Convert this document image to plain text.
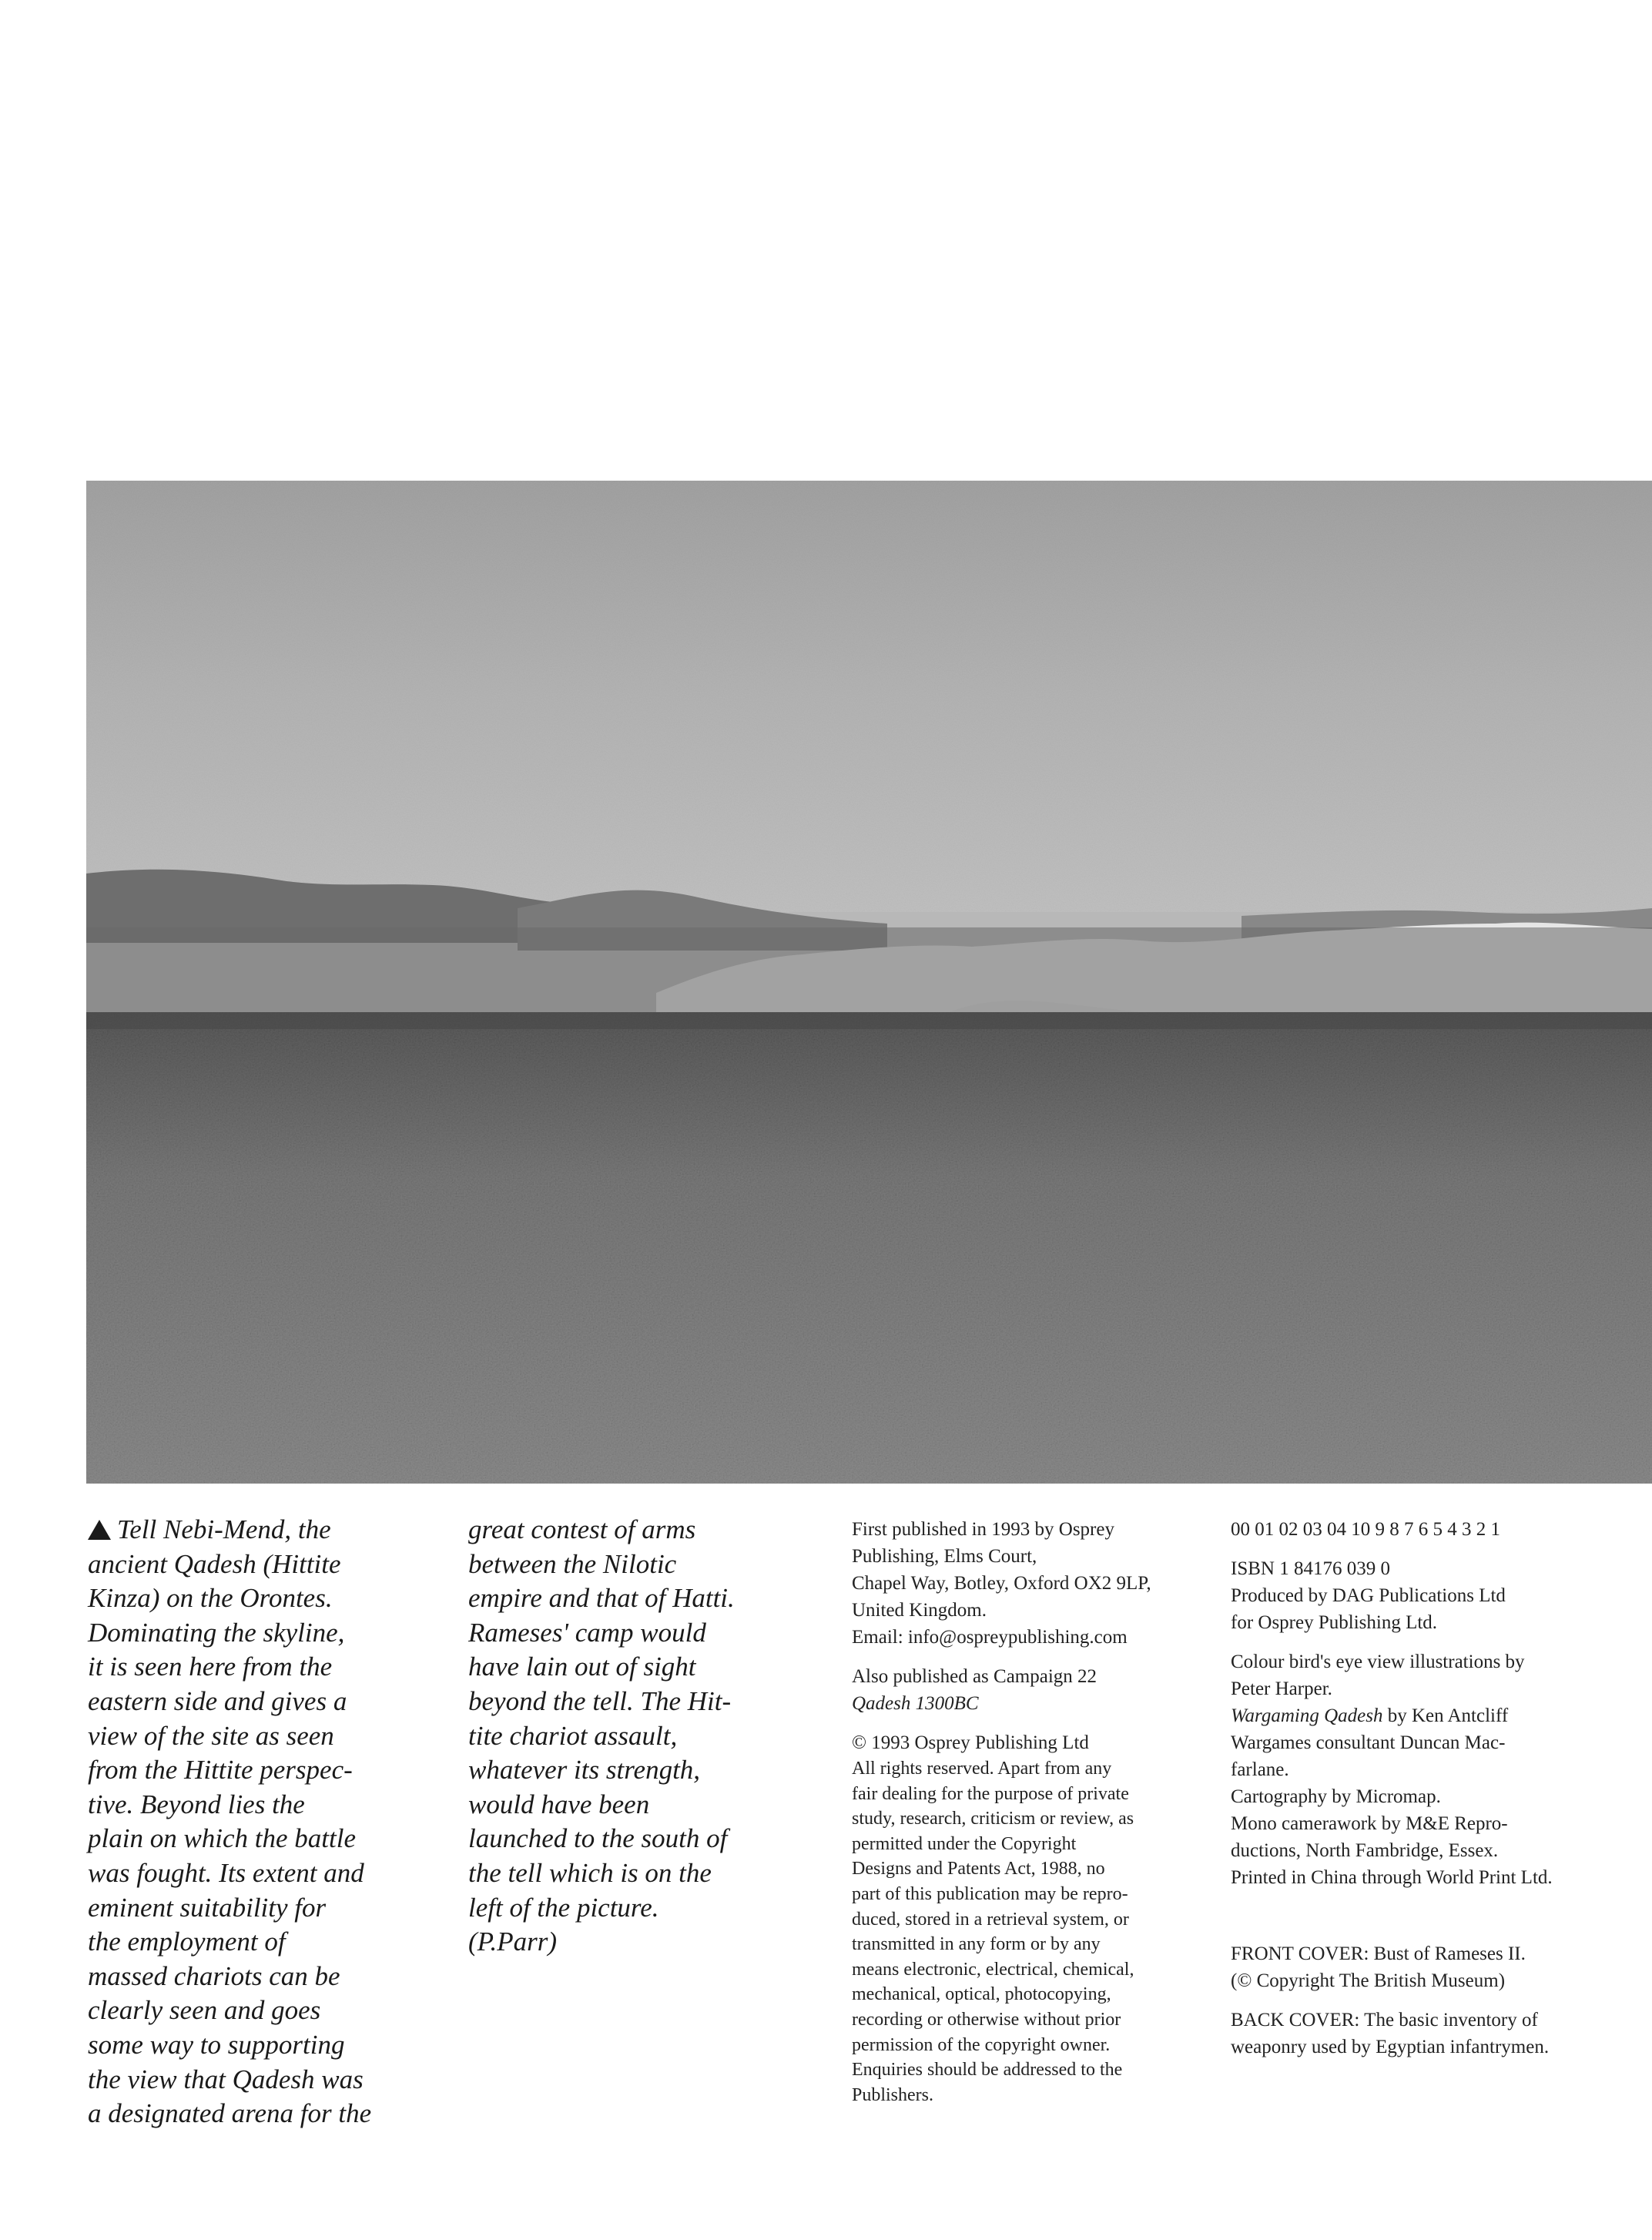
Tell Nebi-Mend, the
ancient Qadesh (Hittite
Kinza) on the Orontes.
Dominating the skyline,
it is seen here from the
eastern side and gives a
view of the site as seen
from the Hittite perspec-
tive. Beyond lies the
plain on which the battle
was fought. Its extent and
eminent suitability for
the employment of
massed chariots can be
clearly seen and goes
some way to supporting
the view that Qadesh was
a designated arena for the
great contest of arms
between the Nilotic
empire and that of Hatti.
Rameses' camp would
have lain out of sight
beyond the tell. The Hit-
tite chariot assault,
whatever its strength,
would have been
launched to the south of
the tell which is on the
left of the picture.
(P.Parr)
First published in 1993 by Osprey
Publishing, Elms Court,
Chapel Way, Botley, Oxford OX2 9LP,
United Kingdom.
Email: info@ospreypublishing.com
Also published as Campaign 22
Qadesh 1300BC
© 1993 Osprey Publishing Ltd
All rights reserved. Apart from any
fair dealing for the purpose of private
study, research, criticism or review, as
permitted under the Copyright
Designs and Patents Act, 1988, no
part of this publication may be repro-
duced, stored in a retrieval system, or
transmitted in any form or by any
means electronic, electrical, chemical,
mechanical, optical, photocopying,
recording or otherwise without prior
permission of the copyright owner.
Enquiries should be addressed to the
Publishers.
00 01 02 03 04 10 9 8 7 6 5 4 3 2 1
ISBN 1 84176 039 0
Produced by DAG Publications Ltd
for Osprey Publishing Ltd.
Colour bird's eye view illustrations by
Peter Harper.
Wargaming Qadesh by Ken Antcliff
Wargames consultant Duncan Mac-
farlane.
Cartography by Micromap.
Mono camerawork by M&E Repro-
ductions, North Fambridge, Essex.
Printed in China through World Print Ltd.
FRONT COVER: Bust of Rameses II.
(© Copyright The British Museum)
BACK COVER: The basic inventory of
weaponry used by Egyptian infantrymen.
